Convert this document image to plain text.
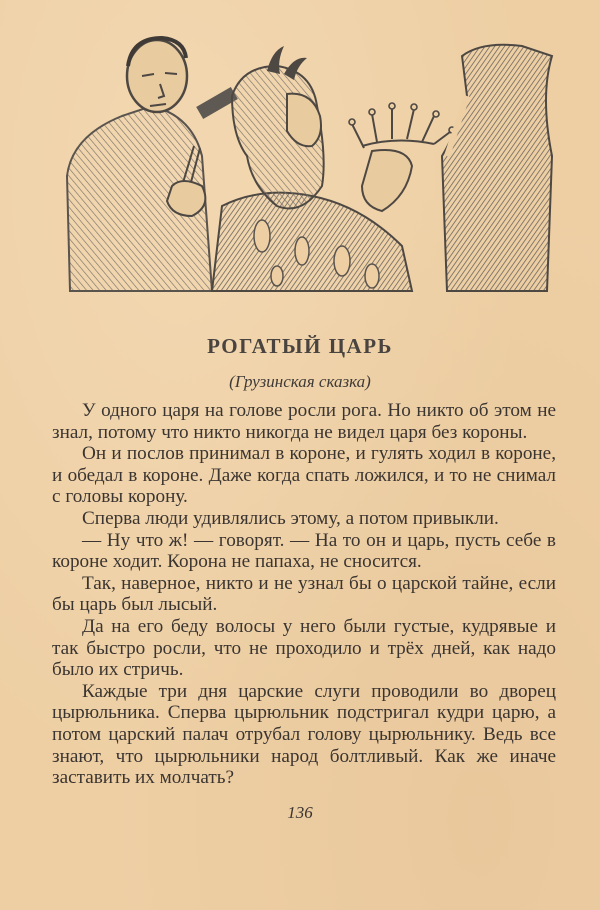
РОГАТЫЙ ЦАРЬ
(Грузинская сказка)

У одного царя на голове росли рога. Но никто об этом не знал, потому что никто никогда не видел царя без короны.

Он и послов принимал в короне, и гулять ходил в короне, и обедал в короне. Даже когда спать ложился, и то не снимал с головы корону.

Сперва люди удивлялись этому, а потом привыкли.

— Ну что ж! — говорят. — На то он и царь, пусть себе в короне ходит. Корона не папаха, не сносится.

Так, наверное, никто и не узнал бы о царской тайне, если бы царь был лысый.

Да на его беду волосы у него были густые, кудрявые и так быстро росли, что не проходило и трёх дней, как надо было их стричь.

Каждые три дня царские слуги проводили во дворец цырюльника. Сперва цырюльник подстригал кудри царю, а потом царский палач отрубал голову цырюльнику. Ведь все знают, что цырюльники народ болтливый. Как же иначе заставить их молчать?

136
